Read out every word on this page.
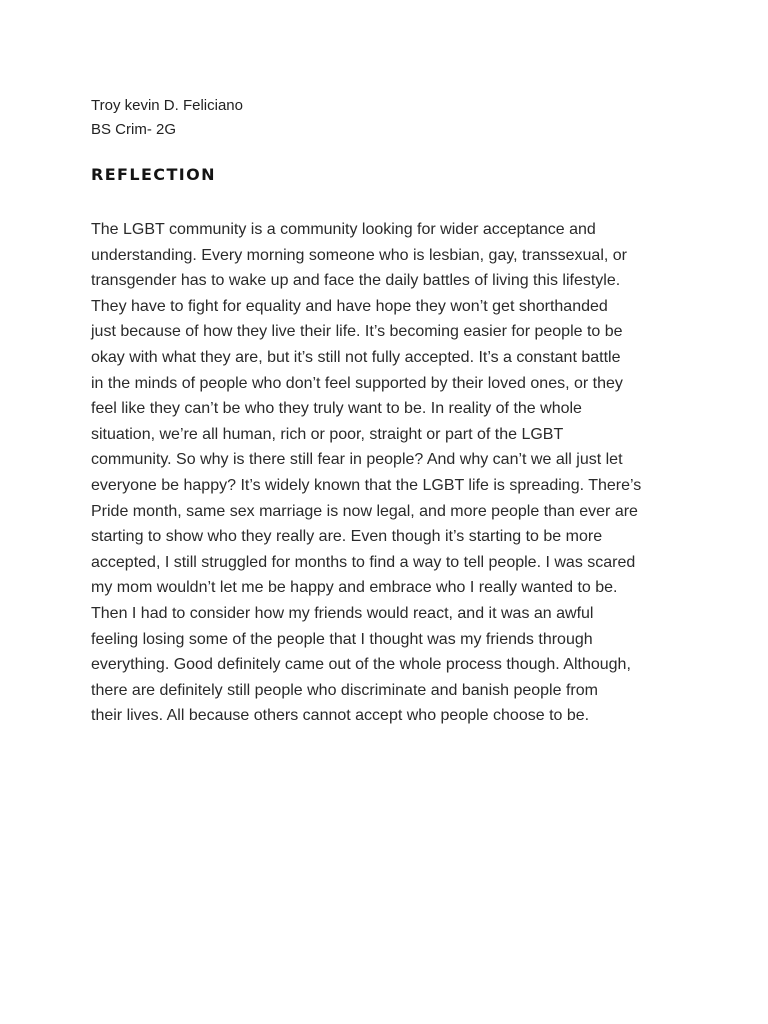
Troy kevin D. Feliciano
BS Crim- 2G
REFLECTION
The LGBT community is a community looking for wider acceptance and
understanding. Every morning someone who is lesbian, gay, transsexual, or
transgender has to wake up and face the daily battles of living this lifestyle.
They have to fight for equality and have hope they won’t get shorthanded
just because of how they live their life. It’s becoming easier for people to be
okay with what they are, but it’s still not fully accepted. It’s a constant battle
in the minds of people who don’t feel supported by their loved ones, or they
feel like they can’t be who they truly want to be. In reality of the whole
situation, we’re all human, rich or poor, straight or part of the LGBT
community. So why is there still fear in people? And why can’t we all just let
everyone be happy? It’s widely known that the LGBT life is spreading. There’s
Pride month, same sex marriage is now legal, and more people than ever are
starting to show who they really are. Even though it’s starting to be more
accepted, I still struggled for months to find a way to tell people. I was scared
my mom wouldn’t let me be happy and embrace who I really wanted to be.
Then I had to consider how my friends would react, and it was an awful
feeling losing some of the people that I thought was my friends through
everything. Good definitely came out of the whole process though. Although,
there are definitely still people who discriminate and banish people from
their lives. All because others cannot accept who people choose to be.
